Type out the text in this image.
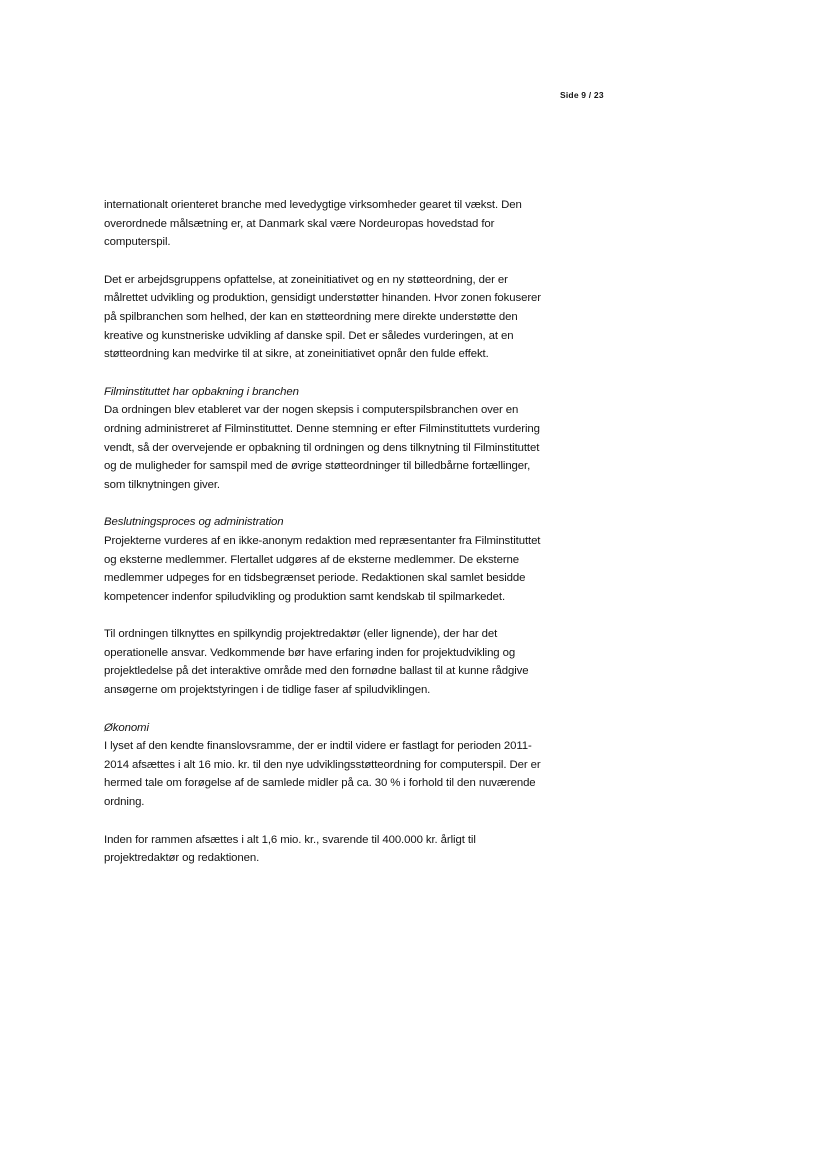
Side 9 / 23
internationalt orienteret branche med levedygtige virksomheder gearet til vækst. Den
overordnede målsætning er, at Danmark skal være Nordeuropas hovedstad for
computerspil.
Det er arbejdsgruppens opfattelse, at zoneinitiativet og en ny støtteordning, der er
målrettet udvikling og produktion, gensidigt understøtter hinanden. Hvor zonen fokuserer
på spilbranchen som helhed, der kan en støtteordning mere direkte understøtte den
kreative og kunstneriske udvikling af danske spil. Det er således vurderingen, at en
støtteordning kan medvirke til at sikre, at zoneinitiativet opnår den fulde effekt.
Filminstituttet har opbakning i branchen
Da ordningen blev etableret var der nogen skepsis i computerspilsbranchen over en
ordning administreret af Filminstituttet. Denne stemning er efter Filminstituttets vurdering
vendt, så der overvejende er opbakning til ordningen og dens tilknytning til Filminstituttet
og de muligheder for samspil med de øvrige støtteordninger til billedbårne fortællinger,
som tilknytningen giver.
Beslutningsproces og administration
Projekterne vurderes af en ikke-anonym redaktion med repræsentanter fra Filminstituttet
og eksterne medlemmer. Flertallet udgøres af de eksterne medlemmer. De eksterne
medlemmer udpeges for en tidsbegrænset periode. Redaktionen skal samlet besidde
kompetencer indenfor spiludvikling og produktion samt kendskab til spilmarkedet.
Til ordningen tilknyttes en spilkyndig projektredaktør (eller lignende), der har det
operationelle ansvar. Vedkommende bør have erfaring inden for projektudvikling og
projektledelse på det interaktive område med den fornødne ballast til at kunne rådgive
ansøgerne om projektstyringen i de tidlige faser af spiludviklingen.
Økonomi
I lyset af den kendte finanslovsramme, der er indtil videre er fastlagt for perioden 2011-
2014 afsættes i alt 16 mio. kr. til den nye udviklingsstøtteordning for computerspil. Der er
hermed tale om forøgelse af de samlede midler på ca. 30 % i forhold til den nuværende
ordning.
Inden for rammen afsættes i alt 1,6 mio. kr., svarende til 400.000 kr. årligt til
projektredaktør og redaktionen.
